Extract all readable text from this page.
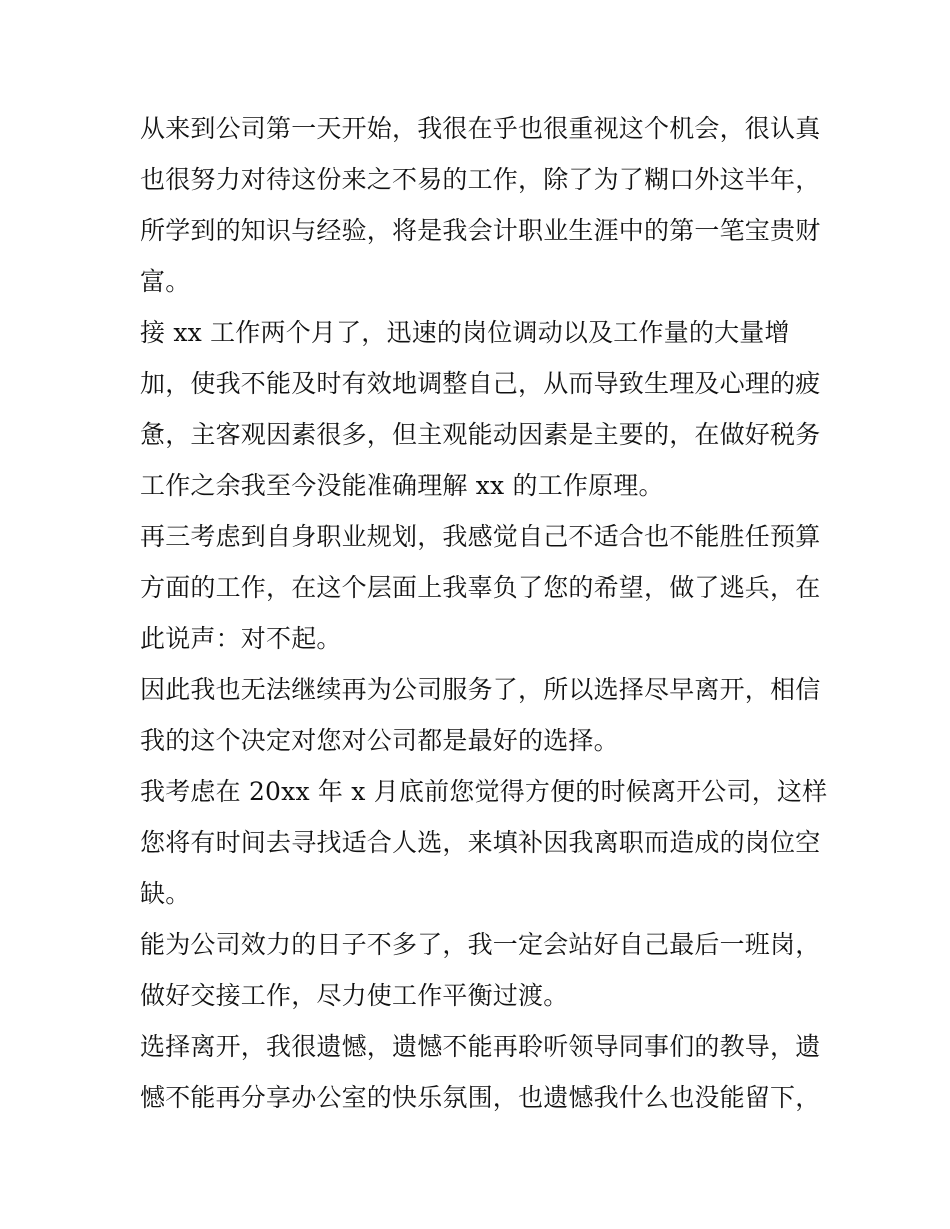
从来到公司第一天开始，我很在乎也很重视这个机会，很认真
也很努力对待这份来之不易的工作，除了为了糊口外这半年，
所学到的知识与经验，将是我会计职业生涯中的第一笔宝贵财
富。
接 xx 工作两个月了，迅速的岗位调动以及工作量的大量增
加，使我不能及时有效地调整自己，从而导致生理及心理的疲
惫，主客观因素很多，但主观能动因素是主要的，在做好税务
工作之余我至今没能准确理解 xx 的工作原理。
再三考虑到自身职业规划，我感觉自己不适合也不能胜任预算
方面的工作，在这个层面上我辜负了您的希望，做了逃兵，在
此说声：对不起。
因此我也无法继续再为公司服务了，所以选择尽早离开，相信
我的这个决定对您对公司都是最好的选择。
我考虑在 20xx 年 x 月底前您觉得方便的时候离开公司，这样
您将有时间去寻找适合人选，来填补因我离职而造成的岗位空
缺。
能为公司效力的日子不多了，我一定会站好自己最后一班岗，
做好交接工作，尽力使工作平衡过渡。
选择离开，我很遗憾，遗憾不能再聆听领导同事们的教导，遗
憾不能再分享办公室的快乐氛围，也遗憾我什么也没能留下，
